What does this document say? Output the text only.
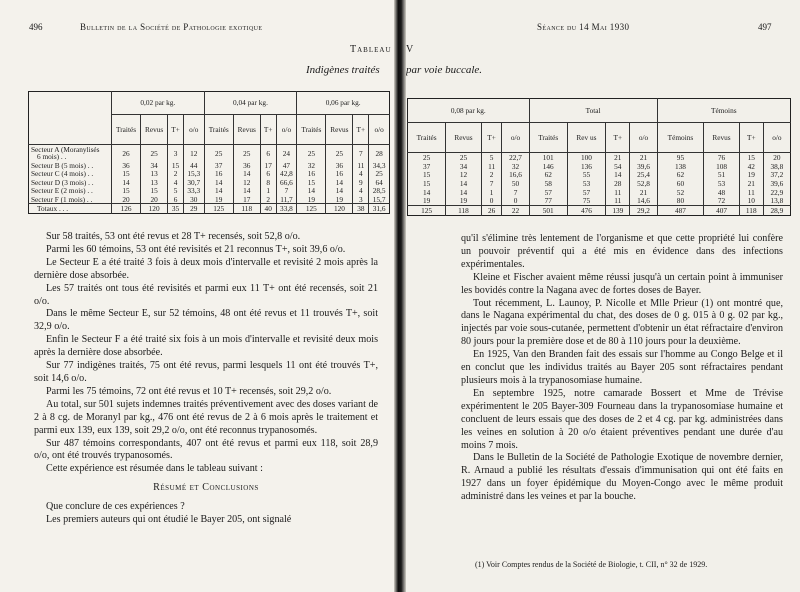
496	Bulletin de la Société de Pathologie exotique
Tableau
Indigènes traités
	0,02 par kg.				0,04 par kg.				0,06 par kg.			
	Traités	Revus	T+	o/o	Traités	Revus	T+	o/o	Traités	Revus	T+	o/o
Secteur A (Moranylisés
6 mois) . .	26	25	3	12	25	25	6	24	25	25	7	28
Secteur B (5 mois) . .	36	34	15	44	37	36	17	47	32	36	11	34,3
Secteur C (4 mois) . .	15	13	2	15,3	16	14	6	42,8	16	16	4	25
Secteur D (3 mois) . .	14	13	4	30,7	14	12	8	66,6	15	14	9	64
Secteur E (2 mois) . .	15	15	5	33,3	14	14	1	7	14	14	4	28,5
Secteur F (1 mois) . .	20	20	6	30	19	17	2	11,7	19	19	3	15,7
Totaux . . .	126	120	35	29	125	118	40	33,8	125	120	38	31,6

Sur 58 traités, 53 ont été revus et 28 T+ recensés, soit 52,8 o/o.

Parmi les 60 témoins, 53 ont été revisités et 21 reconnus T+, soit 39,6 o/o.

Le Secteur E a été traité 3 fois à deux mois d'intervalle et revisité 2 mois après la dernière dose absorbée.

Les 57 traités ont tous été revisités et parmi eux 11 T+ ont été recensés, soit 21 o/o.

Dans le même Secteur E, sur 52 témoins, 48 ont été revus et 11 trouvés T+, soit 32,9 o/o.

Enfin le Secteur F a été traité six fois à un mois d'intervalle et revisité deux mois après la dernière dose absorbée.

Sur 77 indigènes traités, 75 ont été revus, parmi lesquels 11 ont été trouvés T+, soit 14,6 o/o.

Parmi les 75 témoins, 72 ont été revus et 10 T+ recensés, soit 29,2 o/o.

Au total, sur 501 sujets indemnes traités préventivement avec des doses variant de 2 à 8 cg. de Moranyl par kg., 476 ont été revus de 2 à 6 mois après le traitement et parmi eux 139, eux 139, soit 29,2 o/o, ont été reconnus trypanosomés.

Sur 487 témoins correspondants, 407 ont été revus et parmi eux 118, soit 28,9 o/o, ont été trouvés trypanosomés.

Cette expérience est résumée dans le tableau suivant :

Résumé et Conclusions

Que conclure de ces expériences ?

Les premiers auteurs qui ont étudié le Bayer 205, ont signalé

Séance du 14 Mai 1930	497
V
par voie buccale.
0,08 par kg.				Total				Témoins			
Traités	Revus	T+	o/o	Traités	Rev us	T+	o/o	Témoins	Revus	T+	o/o
25	25	5	22,7	101	100	21	21	95	76	15	20
37	34	11	32	146	136	54	39,6	138	108	42	38,8
15	12	2	16,6	62	55	14	25,4	62	51	19	37,2
15	14	7	50	58	53	28	52,8	60	53	21	39,6
14	14	1	7	57	57	11	21	52	48	11	22,9
19	19	0	0	77	75	11	14,6	80	72	10	13,8
125	118	26	22	501	476	139	29,2	487	407	118	28,9

qu'il s'élimine très lentement de l'organisme et que cette propriété lui confère un pouvoir préventif qui a été mis en évidence dans des infections expérimentales.

Kleine et Fischer avaient même réussi jusqu'à un certain point à immuniser les bovidés contre la Nagana avec de fortes doses de Bayer.

Tout récemment, L. Launoy, P. Nicolle et Mlle Prieur (1) ont montré que, dans le Nagana expérimental du chat, des doses de 0 g. 015 à 0 g. 02 par kg., injectés par voie sous-cutanée, permettent d'obtenir un état réfractaire d'environ 80 jours pour la première dose et de 80 à 110 jours pour la deuxième.

En 1925, Van den Branden fait des essais sur l'homme au Congo Belge et il en conclut que les individus traités au Bayer 205 sont réfractaires pendant plusieurs mois à la trypanosomiase humaine.

En septembre 1925, notre camarade Bossert et Mme de Trévise expérimentent le 205 Bayer-309 Fourneau dans la trypanosomiase humaine et concluent de leurs essais que des doses de 2 et 4 cg. par kg. administrées dans les veines en solution à 20 o/o étaient préventives pendant une durée d'au moins 7 mois.

Dans le Bulletin de la Société de Pathologie Exotique de novembre dernier, R. Arnaud a publié les résultats d'essais d'immunisation qui ont été faits en 1927 dans un foyer épidémique du Moyen-Congo avec le même produit administré dans les veines et par la bouche.

(1) Voir Comptes rendus de la Société de Biologie, t. CII, n° 32 de 1929.
